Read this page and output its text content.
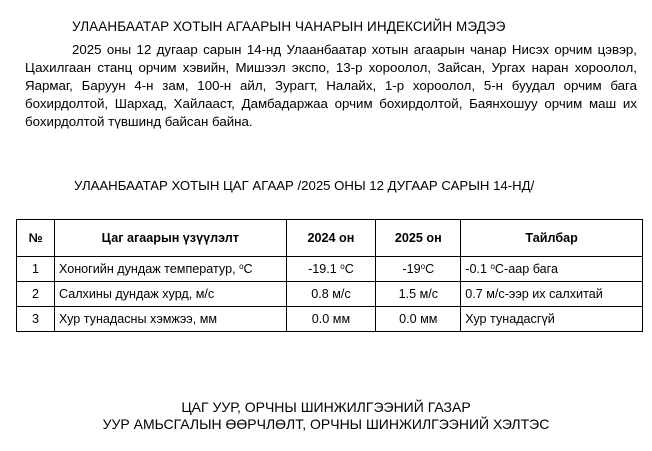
УЛААНБААТАР ХОТЫН АГААРЫН ЧАНАРЫН ИНДЕКСИЙН МЭДЭЭ
2025 оны 12 дугаар сарын 14-нд Улаанбаатар хотын агаарын чанар Нисэх орчим цэвэр, Цахилгаан станц орчим хэвийн, Мишээл экспо, 13-р хороолол, Зайсан, Ургах наран хороолол, Яармаг, Баруун 4-н зам, 100-н айл, Зурагт, Налайх, 1-р хороолол, 5-н буудал орчим бага бохирдолтой, Шархад, Хайлааст, Дамбадаржаа орчим бохирдолтой, Баянхошуу орчим маш их бохирдолтой түвшинд байсан байна.
УЛААНБААТАР ХОТЫН ЦАГ АГААР /2025 ОНЫ 12 ДУГААР САРЫН 14-НД/
№	Цаг агаарын үзүүлэлт	2024 он	2025 он	Тайлбар
1	Хоногийн дундаж температур, $^о$С	-19.1 $^о$С	$-19^оС$	-0.1 $^о$С-аар бага
2	Салхины дундаж хурд, м/с	0.8 м/с	1.5 м/с	0.7 м/с-ээр их салхитай
3	Хур тунадасны хэмжээ, мм	0.0 мм	0.0 мм	Хур тунадасгүй
ЦАГ УУР, ОРЧНЫ ШИНЖИЛГЭЭНИЙ ГАЗАР
УУР АМЬСГАЛЫН ӨӨРЧЛӨЛТ, ОРЧНЫ ШИНЖИЛГЭЭНИЙ ХЭЛТЭС
